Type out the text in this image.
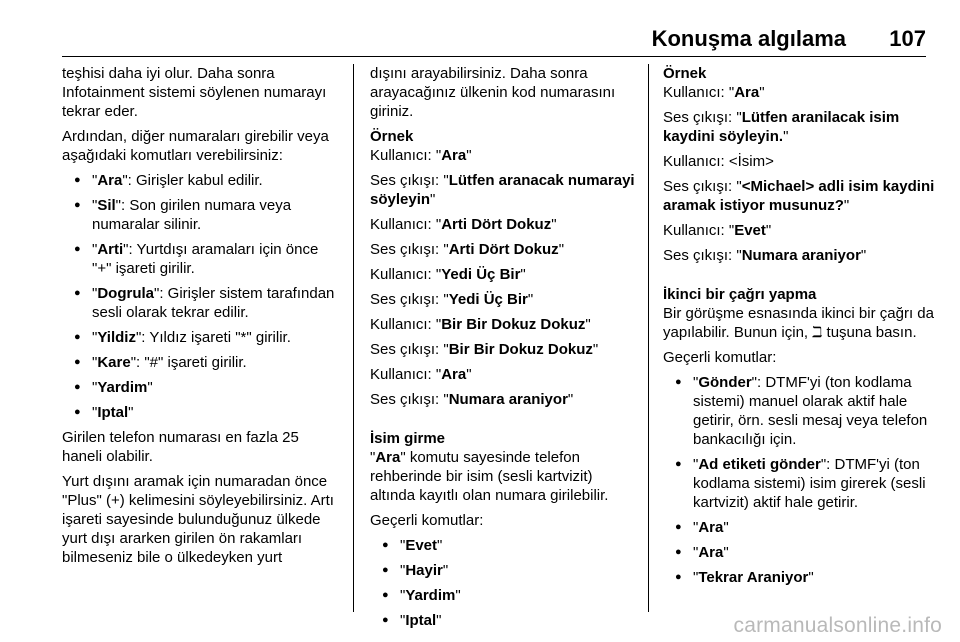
Konuşma algılama 107

teşhisi daha iyi olur. Daha sonra Infotainment sistemi söylenen numarayı tekrar eder.

Ardından, diğer numaraları girebilir veya aşağıdaki komutları verebilirsiniz:

● "Ara": Girişler kabul edilir.
● "Sil": Son girilen numara veya numaralar silinir.
● "Arti": Yurtdışı aramaları için önce "+" işareti girilir.
● "Dogrula": Girişler sistem tarafından sesli olarak tekrar edilir.
● "Yildiz": Yıldız işareti "*" girilir.
● "Kare": "#" işareti girilir.
● "Yardim"
● "Iptal"

Girilen telefon numarası en fazla 25 haneli olabilir.

Yurt dışını aramak için numaradan önce "Plus" (+) kelimesini söyleyebilirsiniz. Artı işareti sayesinde bulunduğunuz ülkede yurt dışı ararken girilen ön rakamları bilmeseniz bile o ülkedeyken yurt

dışını arayabilirsiniz. Daha sonra arayacağınız ülkenin kod numarasını giriniz.

Örnek

Kullanıcı: "Ara"

Ses çıkışı: "Lütfen aranacak numarayi söyleyin"

Kullanıcı: "Arti Dört Dokuz"

Ses çıkışı: "Arti Dört Dokuz"

Kullanıcı: "Yedi Üç Bir"

Ses çıkışı: "Yedi Üç Bir"

Kullanıcı: "Bir Bir Dokuz Dokuz"

Ses çıkışı: "Bir Bir Dokuz Dokuz"

Kullanıcı: "Ara"

Ses çıkışı: "Numara araniyor"

İsim girme

"Ara" komutu sayesinde telefon rehberinde bir isim (sesli kartvizit) altında kayıtlı olan numara girilebilir.

Geçerli komutlar:

● "Evet"
● "Hayir"
● "Yardim"
● "Iptal"
Örnek

Kullanıcı: "Ara"

Ses çıkışı: "Lütfen aranilacak isim kaydini söyleyin."

Kullanıcı: <İsim>

Ses çıkışı: "<Michael> adli isim kaydini aramak istiyor musunuz?"

Kullanıcı: "Evet"

Ses çıkışı: "Numara araniyor"

İkinci bir çağrı yapma

Bir görüşme esnasında ikinci bir çağrı da yapılabilir. Bunun için, ℶ tuşuna basın.

Geçerli komutlar:

● "Gönder": DTMF'yi (ton kodlama sistemi) manuel olarak aktif hale getirir, örn. sesli mesaj veya telefon bankacılığı için.
● "Ad etiketi gönder": DTMF'yi (ton kodlama sistemi) isim girerek (sesli kartvizit) aktif hale getirir.
● "Ara"
● "Ara"
● "Tekrar Araniyor"
carmanualsonline.info
